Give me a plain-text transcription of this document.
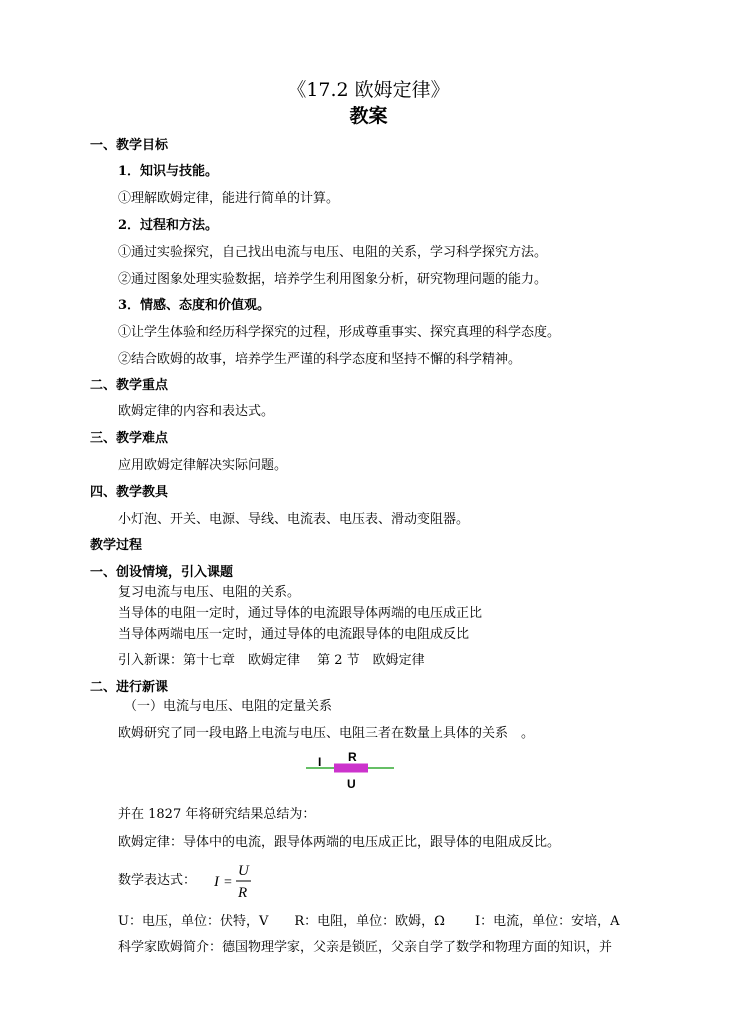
《17.2 欧姆定律》
教案
一、教学目标
1．知识与技能。
①理解欧姆定律，能进行简单的计算。
2．过程和方法。
①通过实验探究，自己找出电流与电压、电阻的关系，学习科学探究方法。
②通过图象处理实验数据，培养学生利用图象分析，研究物理问题的能力。
3．情感、态度和价值观。
①让学生体验和经历科学探究的过程，形成尊重事实、探究真理的科学态度。
②结合欧姆的故事，培养学生严谨的科学态度和坚持不懈的科学精神。
二、教学重点
欧姆定律的内容和表达式。
三、教学难点
应用欧姆定律解决实际问题。
四、教学教具
小灯泡、开关、电源、导线、电流表、电压表、滑动变阻器。
教学过程
一、创设情境，引入课题
复习电流与电压、电阻的关系。
当导体的电阻一定时，通过导体的电流跟导体两端的电压成正比
当导体两端电压一定时，通过导体的电流跟导体的电阻成反比
引入新课：第十七章　欧姆定律　 第 2 节　欧姆定律
二、进行新课
（一）电流与电压、电阻的定量关系
欧姆研究了同一段电路上电流与电压、电阻三者在数量上具体的关系　。
I R
U
并在 1827 年将研究结果总结为：
欧姆定律：导体中的电流，跟导体两端的电压成正比，跟导体的电阻成反比。
数学表达式： I =
U
R
U：电压，单位：伏特，V　　R：电阻，单位：欧姆，Ω　　 I：电流，单位：安培，A
科学家欧姆简介：德国物理学家，父亲是锁匠，父亲自学了数学和物理方面的知识，并
